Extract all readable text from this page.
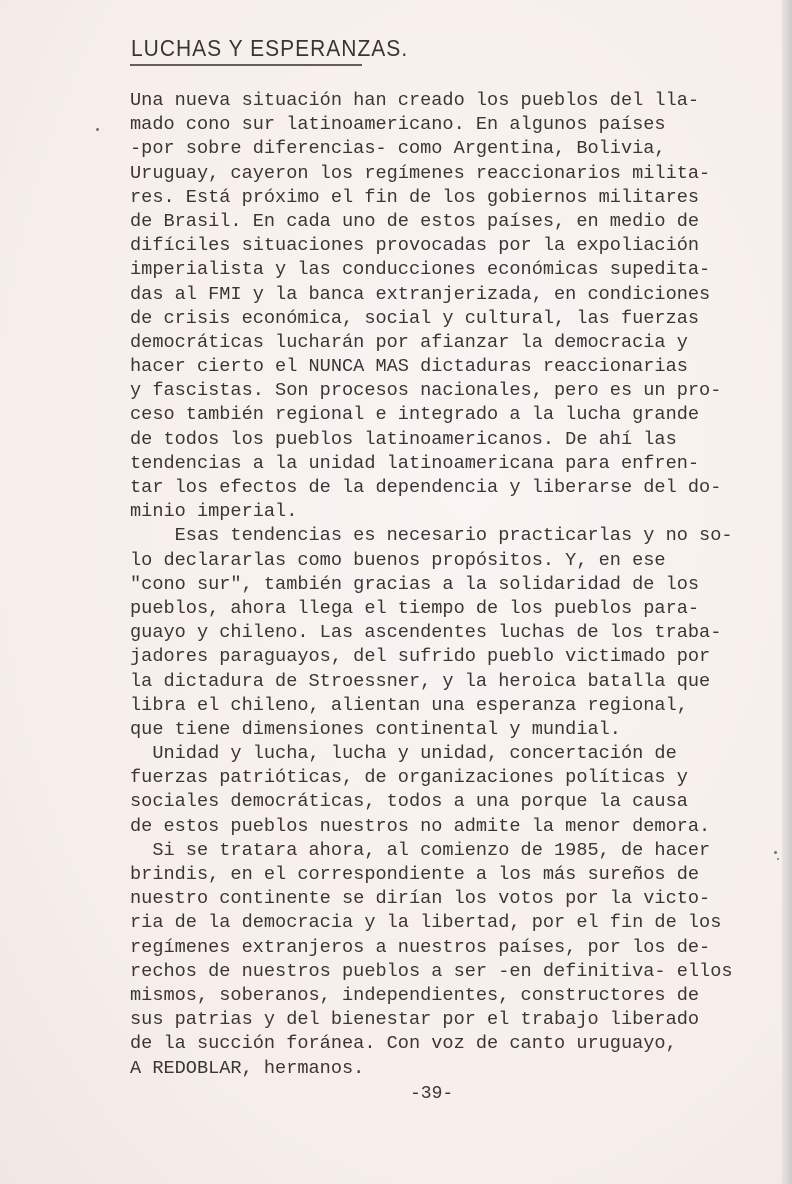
LUCHAS Y ESPERANZAS.
Una nueva situación han creado los pueblos del lla-
mado cono sur latinoamericano. En algunos países
-por sobre diferencias- como Argentina, Bolivia,
Uruguay, cayeron los regímenes reaccionarios milita-
res. Está próximo el fin de los gobiernos militares
de Brasil. En cada uno de estos países, en medio de
difíciles situaciones provocadas por la expoliación
imperialista y las conducciones económicas supedita-
das al FMI y la banca extranjerizada, en condiciones
de crisis económica, social y cultural, las fuerzas
democráticas lucharán por afianzar la democracia y
hacer cierto el NUNCA MAS dictaduras reaccionarias
y fascistas. Son procesos nacionales, pero es un pro-
ceso también regional e integrado a la lucha grande
de todos los pueblos latinoamericanos. De ahí las
tendencias a la unidad latinoamericana para enfren-
tar los efectos de la dependencia y liberarse del do-
minio imperial.
Esas tendencias es necesario practicarlas y no so-
lo declararlas como buenos propósitos. Y, en ese
"cono sur", también gracias a la solidaridad de los
pueblos, ahora llega el tiempo de los pueblos para-
guayo y chileno. Las ascendentes luchas de los traba-
jadores paraguayos, del sufrido pueblo victimado por
la dictadura de Stroessner, y la heroica batalla que
libra el chileno, alientan una esperanza regional,
que tiene dimensiones continental y mundial.
Unidad y lucha, lucha y unidad, concertación de
fuerzas patrióticas, de organizaciones políticas y
sociales democráticas, todos a una porque la causa
de estos pueblos nuestros no admite la menor demora.
Si se tratara ahora, al comienzo de 1985, de hacer
brindis, en el correspondiente a los más sureños de
nuestro continente se dirían los votos por la victo-
ria de la democracia y la libertad, por el fin de los
regímenes extranjeros a nuestros países, por los de-
rechos de nuestros pueblos a ser -en definitiva- ellos
mismos, soberanos, independientes, constructores de
sus patrias y del bienestar por el trabajo liberado
de la succión foránea. Con voz de canto uruguayo,
A REDOBLAR, hermanos.
-39-
